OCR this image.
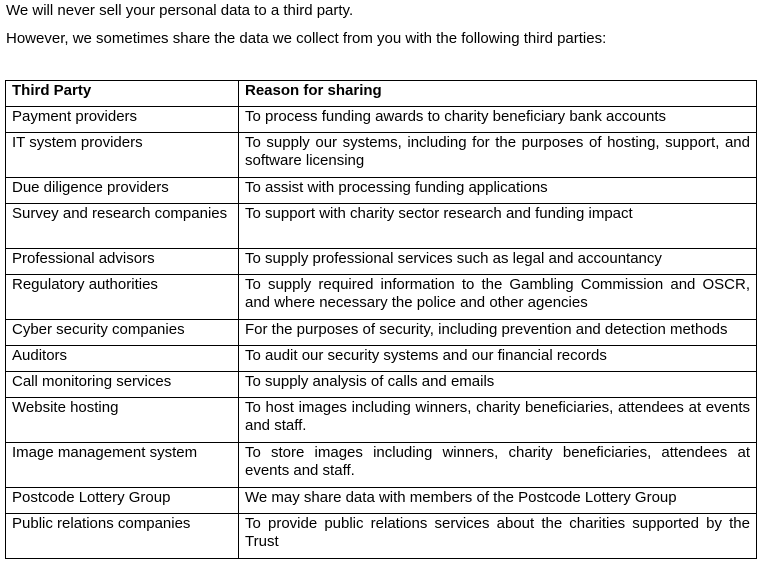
We will never sell your personal data to a third party.

However, we sometimes share the data we collect from you with the following third parties:

Third Party	Reason for sharing
Payment providers	To process funding awards to charity beneficiary bank accounts
IT system providers	To supply our systems, including for the purposes of hosting, support, and software licensing
Due diligence providers	To assist with processing funding applications
Survey and research companies	To support with charity sector research and funding impact
Professional advisors	To supply professional services such as legal and accountancy
Regulatory authorities	To supply required information to the Gambling Commission and OSCR, and where necessary the police and other agencies
Cyber security companies	For the purposes of security, including prevention and detection methods
Auditors	To audit our security systems and our financial records
Call monitoring services	To supply analysis of calls and emails
Website hosting	To host images including winners, charity beneficiaries, attendees at events and staff.
Image management system	To store images including winners, charity beneficiaries, attendees at events and staff.
Postcode Lottery Group	We may share data with members of the Postcode Lottery Group
Public relations companies	To provide public relations services about the charities supported by the Trust
